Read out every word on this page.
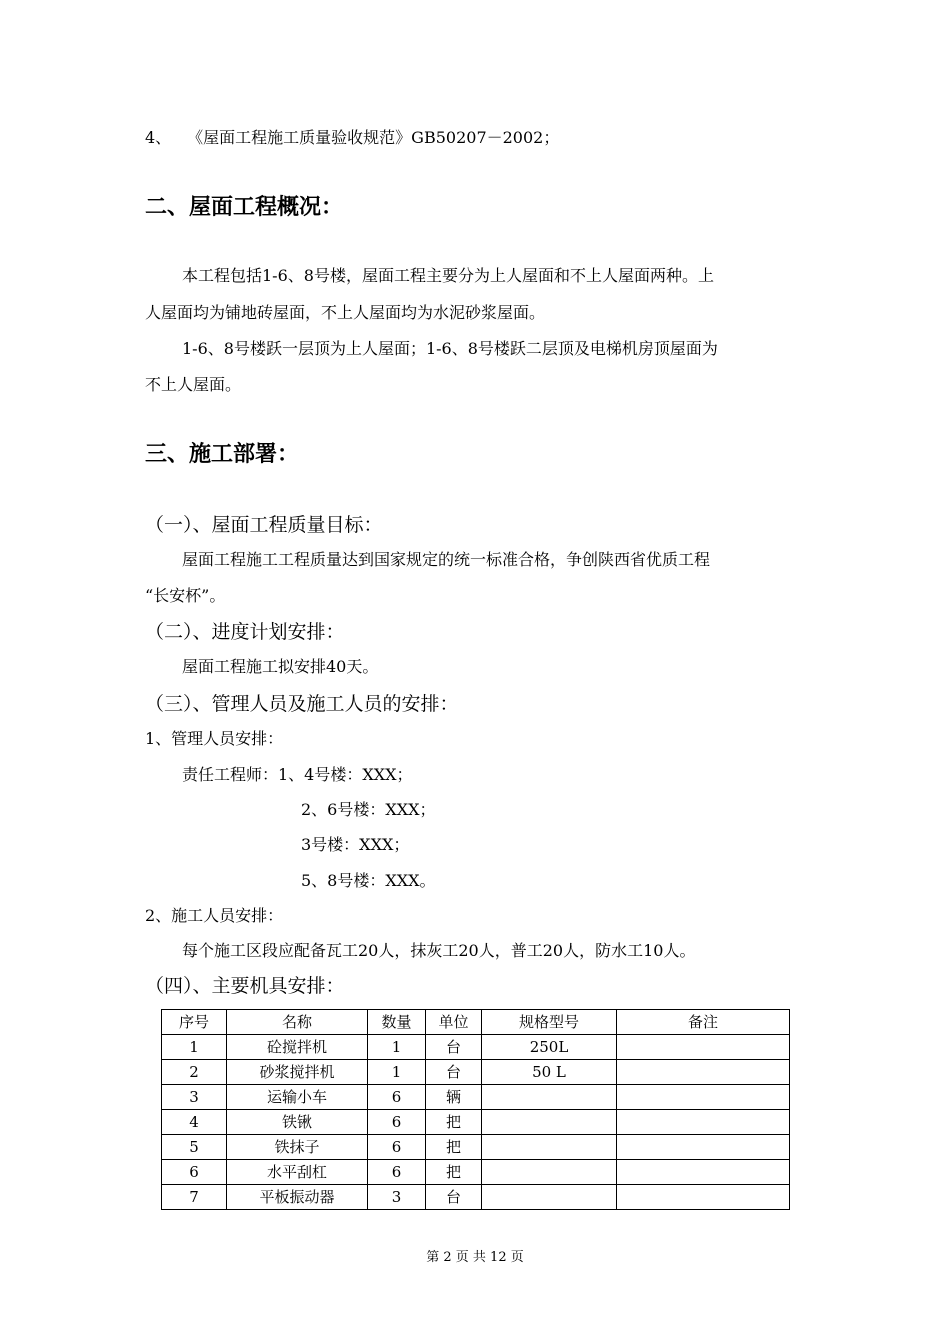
4、　　《屋面工程施工质量验收规范》GB50207－2002；
二、屋面工程概况：
本工程包括1-6、8号楼，屋面工程主要分为上人屋面和不上人屋面两种。上
人屋面均为铺地砖屋面，不上人屋面均为水泥砂浆屋面。
1-6、8号楼跃一层顶为上人屋面；1-6、8号楼跃二层顶及电梯机房顶屋面为
不上人屋面。
三、施工部署：
（一）、屋面工程质量目标：
屋面工程施工工程质量达到国家规定的统一标准合格，争创陕西省优质工程
“长安杯”。
（二）、进度计划安排：
屋面工程施工拟安排40天。
（三）、管理人员及施工人员的安排：
1、管理人员安排：
责任工程师：1、4号楼：XXX；
2、6号楼：XXX；
3号楼：XXX；
5、8号楼：XXX。
2、施工人员安排：
每个施工区段应配备瓦工20人，抹灰工20人，普工20人，防水工10人。
（四）、主要机具安排：
序号	名称	数量	单位	规格型号	备注
1	砼搅拌机	1	台	250L	
2	砂浆搅拌机	1	台	50 L	
3	运输小车	6	辆		
4	铁锹	6	把		
5	铁抹子	6	把		
6	水平刮杠	6	把		
7	平板振动器	3	台		
第 2 页 共 12 页
